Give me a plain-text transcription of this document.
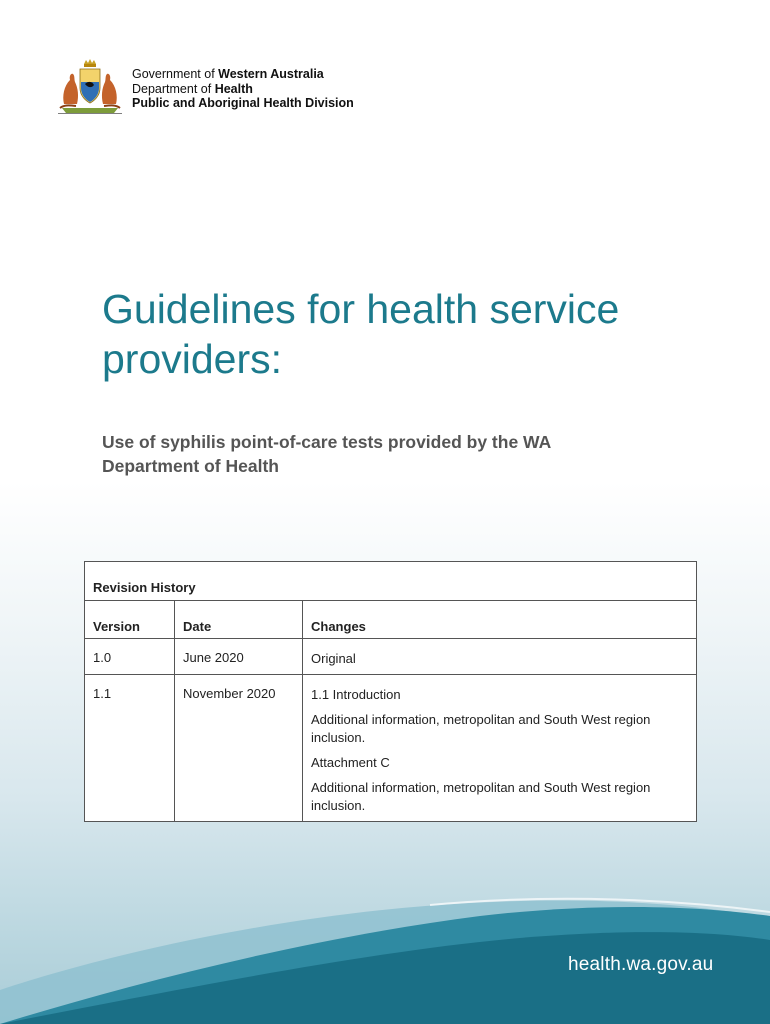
Government of Western Australia
Department of Health
Public and Aboriginal Health Division
Guidelines for health service providers:
Use of syphilis point-of-care tests provided by the WA Department of Health
Revision History		
Version	Date	Changes
1.0	June 2020	Original

1.1	November 2020	1.1 Introduction
Additional information, metropolitan and South West region inclusion.
Attachment C
Additional information, metropolitan and South West region inclusion.
health.wa.gov.au
